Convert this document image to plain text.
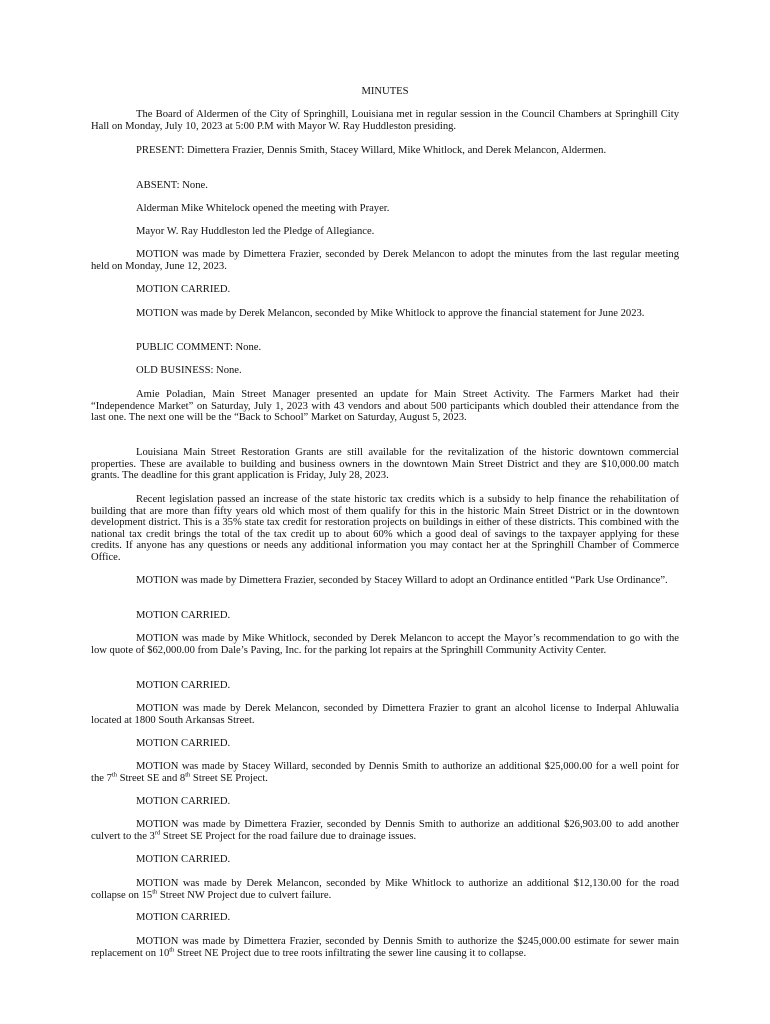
MINUTES

The Board of Aldermen of the City of Springhill, Louisiana met in regular session in the Council Chambers at Springhill City Hall on Monday, July 10, 2023 at 5:00 P.M with Mayor W. Ray Huddleston presiding.

PRESENT: Dimettera Frazier, Dennis Smith, Stacey Willard, Mike Whitlock, and Derek Melancon, Aldermen.

ABSENT: None.

Alderman Mike Whitelock opened the meeting with Prayer.

Mayor W. Ray Huddleston led the Pledge of Allegiance.

MOTION was made by Dimettera Frazier, seconded by Derek Melancon to adopt the minutes from the last regular meeting held on Monday, June 12, 2023.

MOTION CARRIED.

MOTION was made by Derek Melancon, seconded by Mike Whitlock to approve the financial statement for June 2023.

PUBLIC COMMENT: None.

OLD BUSINESS: None.

Amie Poladian, Main Street Manager presented an update for Main Street Activity. The Farmers Market had their “Independence Market” on Saturday, July 1, 2023 with 43 vendors and about 500 participants which doubled their attendance from the last one. The next one will be the “Back to School” Market on Saturday, August 5, 2023.

Louisiana Main Street Restoration Grants are still available for the revitalization of the historic downtown commercial properties. These are available to building and business owners in the downtown Main Street District and they are $10,000.00 match grants. The deadline for this grant application is Friday, July 28, 2023.

Recent legislation passed an increase of the state historic tax credits which is a subsidy to help finance the rehabilitation of building that are more than fifty years old which most of them qualify for this in the historic Main Street District or in the downtown development district. This is a 35% state tax credit for restoration projects on buildings in either of these districts. This combined with the national tax credit brings the total of the tax credit up to about 60% which a good deal of savings to the taxpayer applying for these credits. If anyone has any questions or needs any additional information you may contact her at the Springhill Chamber of Commerce Office.

MOTION was made by Dimettera Frazier, seconded by Stacey Willard to adopt an Ordinance entitled “Park Use Ordinance”.

MOTION CARRIED.

MOTION was made by Mike Whitlock, seconded by Derek Melancon to accept the Mayor’s recommendation to go with the low quote of $62,000.00 from Dale’s Paving, Inc. for the parking lot repairs at the Springhill Community Activity Center.

MOTION CARRIED.

MOTION was made by Derek Melancon, seconded by Dimettera Frazier to grant an alcohol license to Inderpal Ahluwalia located at 1800 South Arkansas Street.

MOTION CARRIED.

MOTION was made by Stacey Willard, seconded by Dennis Smith to authorize an additional $25,000.00 for a well point for the 7th Street SE and 8th Street SE Project.

MOTION CARRIED.

MOTION was made by Dimettera Frazier, seconded by Dennis Smith to authorize an additional $26,903.00 to add another culvert to the 3rd Street SE Project for the road failure due to drainage issues.

MOTION CARRIED.

MOTION was made by Derek Melancon, seconded by Mike Whitlock to authorize an additional $12,130.00 for the road collapse on 15th Street NW Project due to culvert failure.

MOTION CARRIED.

MOTION was made by Dimettera Frazier, seconded by Dennis Smith to authorize the $245,000.00 estimate for sewer main replacement on 10th Street NE Project due to tree roots infiltrating the sewer line causing it to collapse.
